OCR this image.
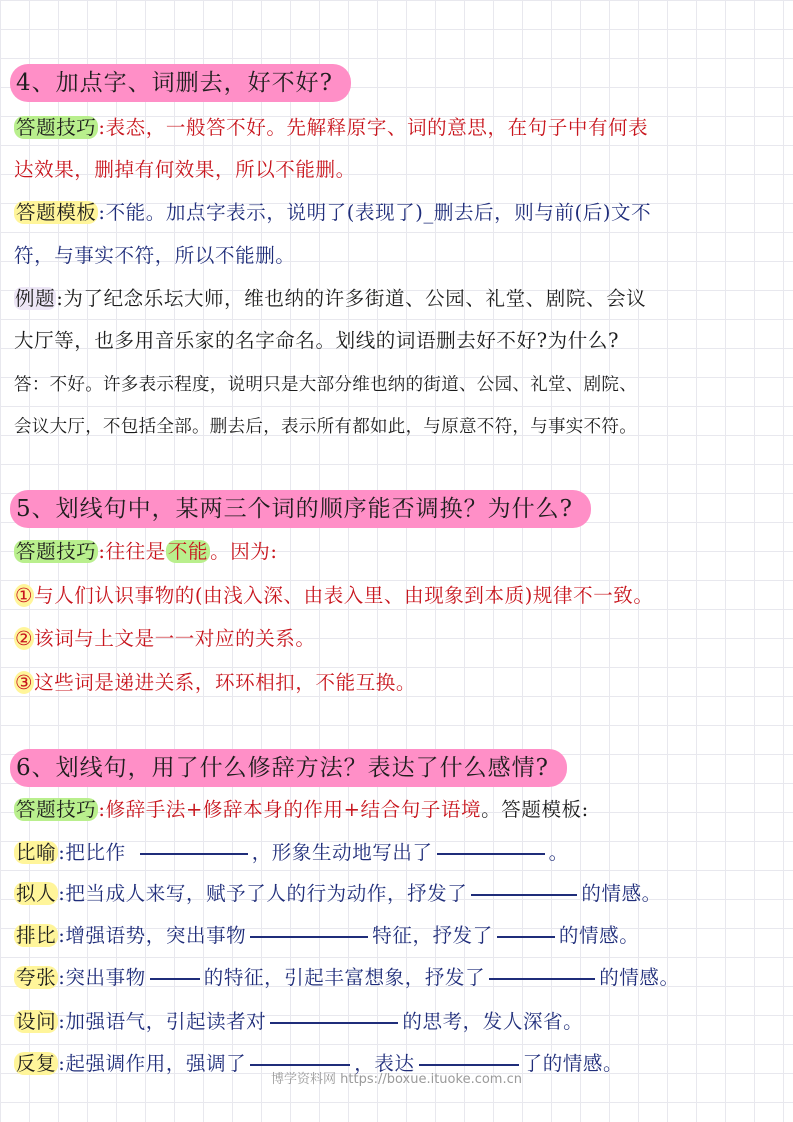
4、加点字、词删去，好不好?
答题技巧 :表态，一般答不好。先解释原字、词的意思，在句子中有何表
达效果，删掉有何效果，所以不能删。
答题模板 :不能。加点字表示，说明了(表现了)_删去后，则与前(后)文不
符，与事实不符，所以不能删。
例题:为了纪念乐坛大师，维也纳的许多街道、公园、礼堂、剧院、会议
大厅等，也多用音乐家的名字命名。划线的词语删去好不好?为什么?
答：不好。许多表示程度，说明只是大部分维也纳的街道、公园、礼堂、剧院、
会议大厅，不包括全部。删去后，表示所有都如此，与原意不符，与事实不符。
5、划线句中，某两三个词的顺序能否调换？为什么?
答题技巧 :往往是 不能 。因为:
①与人们认识事物的(由浅入深、由表入里、由现象到本质)规律不一致。
②该词与上文是一一对应的关系。
③这些词是递进关系，环环相扣，不能互换。
6、划线句，用了什么修辞方法？表达了什么感情?
答题技巧 :修辞手法+修辞本身的作用+结合句子语境。答题模板:
比喻 :把比作	，形象生动地写出了	。
拟人 :把当成人来写，赋予了人的行为动作，抒发了	的情感。
排比 :增强语势，突出事物	特征，抒发了	的情感。
夸张 :突出事物	的特征，引起丰富想象，抒发了	的情感。
设问 :加强语气，引起读者对	的思考，发人深省。
反复 :起强调作用，强调了	，表达	了的情感。
博学资料网 https://boxue.ituoke.com.cn
